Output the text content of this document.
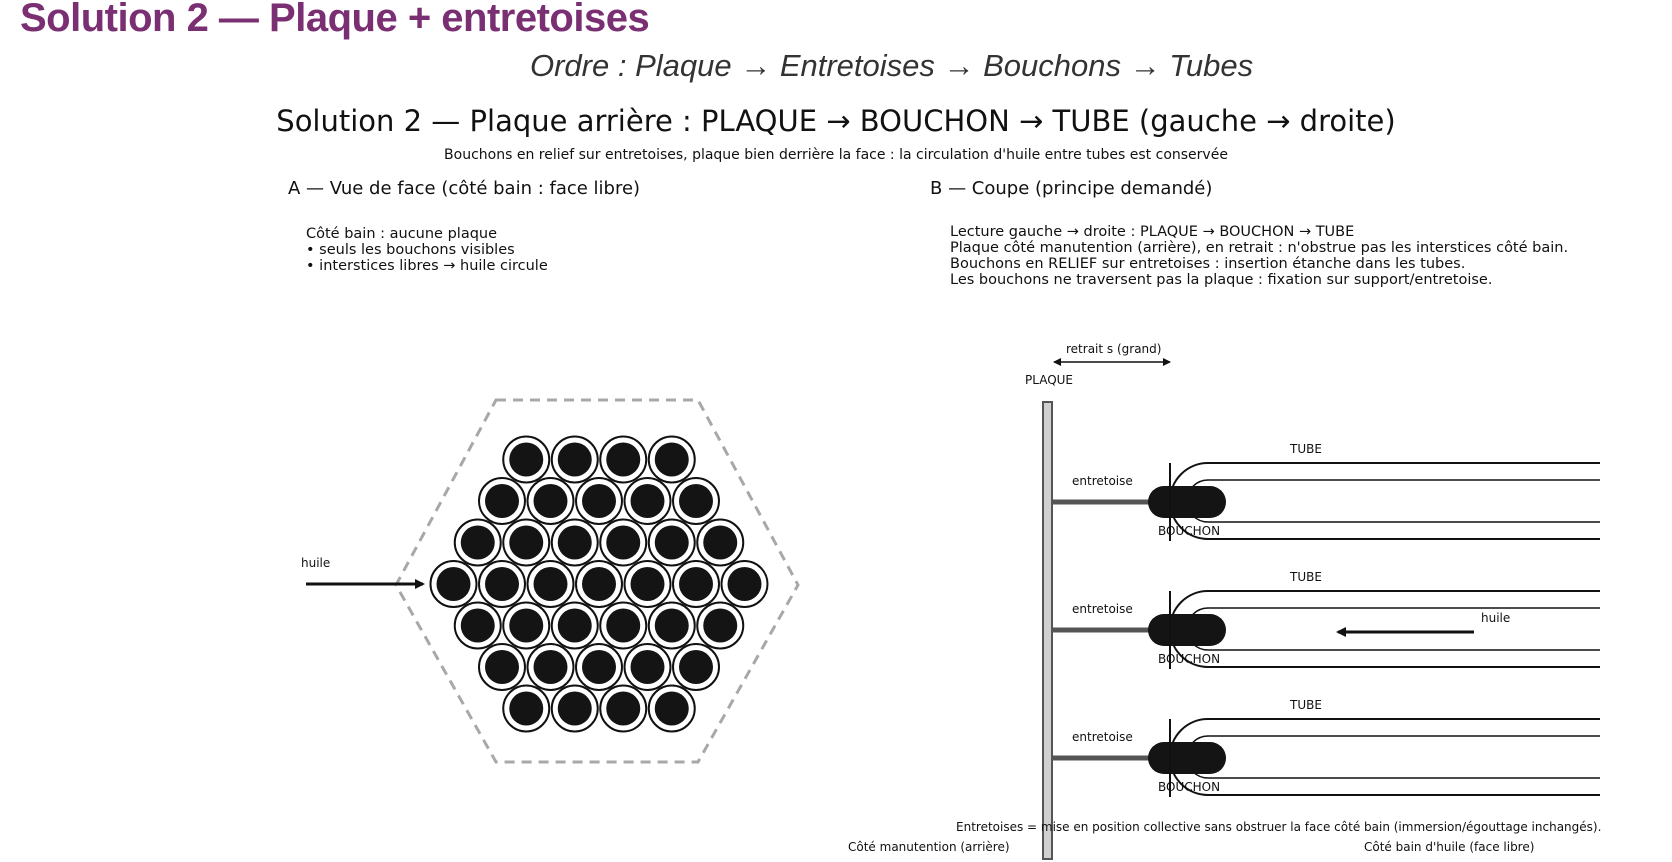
Solution 2 — Plaque + entretoises
Ordre : Plaque → Entretoises → Bouchons → Tubes
Solution 2 — Plaque arrière : PLAQUE → BOUCHON → TUBE (gauche → droite)
Bouchons en relief sur entretoises, plaque bien derrière la face : la circulation d'huile entre tubes est conservée
A — Vue de face (côté bain : face libre)	B — Coupe (principe demandé)
Côté bain : aucune plaque
• seuls les bouchons visibles
• interstices libres → huile circule
Lecture gauche → droite : PLAQUE → BOUCHON → TUBE
Plaque côté manutention (arrière), en retrait : n'obstrue pas les interstices côté bain.
Bouchons en RELIEF sur entretoises : insertion étanche dans les tubes.
Les bouchons ne traversent pas la plaque : fixation sur support/entretoise.
huile
retrait s (grand)
PLAQUE
TUBE
entretoise
BOUCHON
TUBE
entretoise
BOUCHON
huile
TUBE
entretoise
BOUCHON
Entretoises = mise en position collective sans obstruer la face côté bain (immersion/égouttage inchangés).
Côté manutention (arrière)	Côté bain d'huile (face libre)
